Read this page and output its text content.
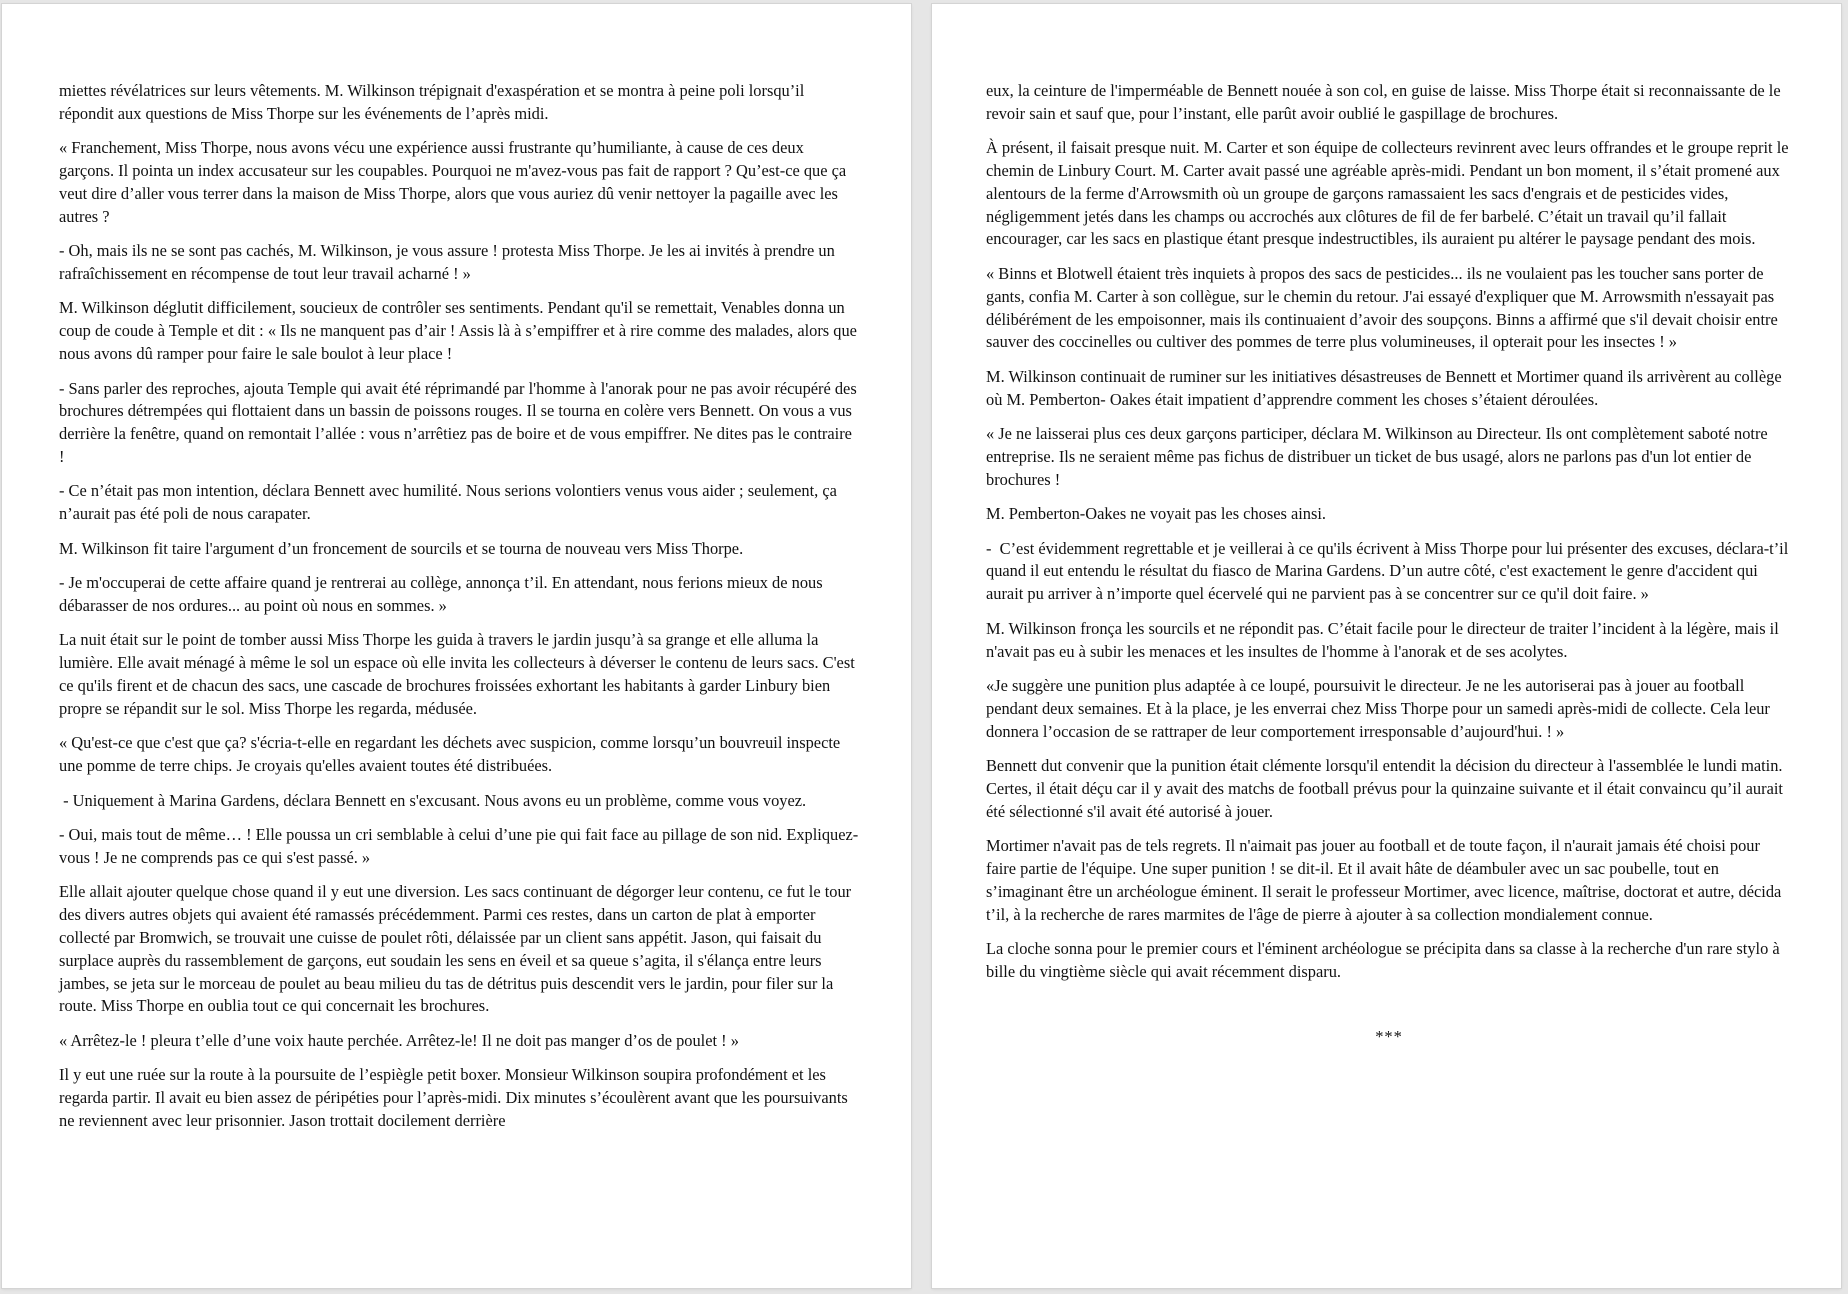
miettes révélatrices sur leurs vêtements. M. Wilkinson trépignait d'exaspération et se montra à peine poli lorsqu’il répondit aux questions de Miss Thorpe sur les événements de l’après midi.

« Franchement, Miss Thorpe, nous avons vécu une expérience aussi frustrante qu’humiliante, à cause de ces deux garçons. Il pointa un index accusateur sur les coupables. Pourquoi ne m'avez-vous pas fait de rapport ? Qu’est-ce que ça veut dire d’aller vous terrer dans la maison de Miss Thorpe, alors que vous auriez dû venir nettoyer la pagaille avec les autres ?

- Oh, mais ils ne se sont pas cachés, M. Wilkinson, je vous assure ! protesta Miss Thorpe. Je les ai invités à prendre un rafraîchissement en récompense de tout leur travail acharné ! »

M. Wilkinson déglutit difficilement, soucieux de contrôler ses sentiments. Pendant qu'il se remettait, Venables donna un coup de coude à Temple et dit : « Ils ne manquent pas d’air ! Assis là à s’empiffrer et à rire comme des malades, alors que nous avons dû ramper pour faire le sale boulot à leur place !

- Sans parler des reproches, ajouta Temple qui avait été réprimandé par l'homme à l'anorak pour ne pas avoir récupéré des brochures détrempées qui flottaient dans un bassin de poissons rouges. Il se tourna en colère vers Bennett. On vous a vus derrière la fenêtre, quand on remontait l’allée : vous n’arrêtiez pas de boire et de vous empiffrer. Ne dites pas le contraire !

- Ce n’était pas mon intention, déclara Bennett avec humilité. Nous serions volontiers venus vous aider ; seulement, ça n’aurait pas été poli de nous carapater.

M. Wilkinson fit taire l'argument d’un froncement de sourcils et se tourna de nouveau vers Miss Thorpe.

- Je m'occuperai de cette affaire quand je rentrerai au collège, annonça t’il. En attendant, nous ferions mieux de nous débarasser de nos ordures... au point où nous en sommes. »

La nuit était sur le point de tomber aussi Miss Thorpe les guida à travers le jardin jusqu’à sa grange et elle alluma la lumière. Elle avait ménagé à même le sol un espace où elle invita les collecteurs à déverser le contenu de leurs sacs. C'est ce qu'ils firent et de chacun des sacs, une cascade de brochures froissées exhortant les habitants à garder Linbury bien propre se répandit sur le sol. Miss Thorpe les regarda, médusée.

« Qu'est-ce que c'est que ça? s'écria-t-elle en regardant les déchets avec suspicion, comme lorsqu’un bouvreuil inspecte une pomme de terre chips. Je croyais qu'elles avaient toutes été distribuées.

- Uniquement à Marina Gardens, déclara Bennett en s'excusant. Nous avons eu un problème, comme vous voyez.

- Oui, mais tout de même… ! Elle poussa un cri semblable à celui d’une pie qui fait face au pillage de son nid. Expliquez-vous ! Je ne comprends pas ce qui s'est passé. »

Elle allait ajouter quelque chose quand il y eut une diversion. Les sacs continuant de dégorger leur contenu, ce fut le tour des divers autres objets qui avaient été ramassés précédemment. Parmi ces restes, dans un carton de plat à emporter collecté par Bromwich, se trouvait une cuisse de poulet rôti, délaissée par un client sans appétit. Jason, qui faisait du surplace auprès du rassemblement de garçons, eut soudain les sens en éveil et sa queue s’agita, il s'élança entre leurs jambes, se jeta sur le morceau de poulet au beau milieu du tas de détritus puis descendit vers le jardin, pour filer sur la route. Miss Thorpe en oublia tout ce qui concernait les brochures.

« Arrêtez-le ! pleura t’elle d’une voix haute perchée. Arrêtez-le! Il ne doit pas manger d’os de poulet ! »

Il y eut une ruée sur la route à la poursuite de l’espiègle petit boxer. Monsieur Wilkinson soupira profondément et les regarda partir. Il avait eu bien assez de péripéties pour l’après-midi. Dix minutes s’écoulèrent avant que les poursuivants ne reviennent avec leur prisonnier. Jason trottait docilement derrière

eux, la ceinture de l'imperméable de Bennett nouée à son col, en guise de laisse. Miss Thorpe était si reconnaissante de le revoir sain et sauf que, pour l’instant, elle parût avoir oublié le gaspillage de brochures.

À présent, il faisait presque nuit. M. Carter et son équipe de collecteurs revinrent avec leurs offrandes et le groupe reprit le chemin de Linbury Court. M. Carter avait passé une agréable après-midi. Pendant un bon moment, il s’était promené aux alentours de la ferme d'Arrowsmith où un groupe de garçons ramassaient les sacs d'engrais et de pesticides vides, négligemment jetés dans les champs ou accrochés aux clôtures de fil de fer barbelé. C’était un travail qu’il fallait encourager, car les sacs en plastique étant presque indestructibles, ils auraient pu altérer le paysage pendant des mois.

« Binns et Blotwell étaient très inquiets à propos des sacs de pesticides... ils ne voulaient pas les toucher sans porter de gants, confia M. Carter à son collègue, sur le chemin du retour. J'ai essayé d'expliquer que M. Arrowsmith n'essayait pas délibérément de les empoisonner, mais ils continuaient d’avoir des soupçons. Binns a affirmé que s'il devait choisir entre sauver des coccinelles ou cultiver des pommes de terre plus volumineuses, il opterait pour les insectes ! »

M. Wilkinson continuait de ruminer sur les initiatives désastreuses de Bennett et Mortimer quand ils arrivèrent au collège où M. Pemberton- Oakes était impatient d’apprendre comment les choses s’étaient déroulées.

« Je ne laisserai plus ces deux garçons participer, déclara M. Wilkinson au Directeur. Ils ont complètement saboté notre entreprise. Ils ne seraient même pas fichus de distribuer un ticket de bus usagé, alors ne parlons pas d'un lot entier de brochures !

M. Pemberton-Oakes ne voyait pas les choses ainsi.

-  C’est évidemment regrettable et je veillerai à ce qu'ils écrivent à Miss Thorpe pour lui présenter des excuses, déclara-t’il quand il eut entendu le résultat du fiasco de Marina Gardens. D’un autre côté, c'est exactement le genre d'accident qui aurait pu arriver à n’importe quel écervelé qui ne parvient pas à se concentrer sur ce qu'il doit faire. »

M. Wilkinson fronça les sourcils et ne répondit pas. C’était facile pour le directeur de traiter l’incident à la légère, mais il n'avait pas eu à subir les menaces et les insultes de l'homme à l'anorak et de ses acolytes.

«Je suggère une punition plus adaptée à ce loupé, poursuivit le directeur. Je ne les autoriserai pas à jouer au football pendant deux semaines. Et à la place, je les enverrai chez Miss Thorpe pour un samedi après-midi de collecte. Cela leur donnera l’occasion de se rattraper de leur comportement irresponsable d’aujourd'hui. ! »

Bennett dut convenir que la punition était clémente lorsqu'il entendit la décision du directeur à l'assemblée le lundi matin. Certes, il était déçu car il y avait des matchs de football prévus pour la quinzaine suivante et il était convaincu qu’il aurait été sélectionné s'il avait été autorisé à jouer.

Mortimer n'avait pas de tels regrets. Il n'aimait pas jouer au football et de toute façon, il n'aurait jamais été choisi pour faire partie de l'équipe. Une super punition ! se dit-il. Et il avait hâte de déambuler avec un sac poubelle, tout en s’imaginant être un archéologue éminent. Il serait le professeur Mortimer, avec licence, maîtrise, doctorat et autre, décida t’il, à la recherche de rares marmites de l'âge de pierre à ajouter à sa collection mondialement connue.

La cloche sonna pour le premier cours et l'éminent archéologue se précipita dans sa classe à la recherche d'un rare stylo à bille du vingtième siècle qui avait récemment disparu.

***
